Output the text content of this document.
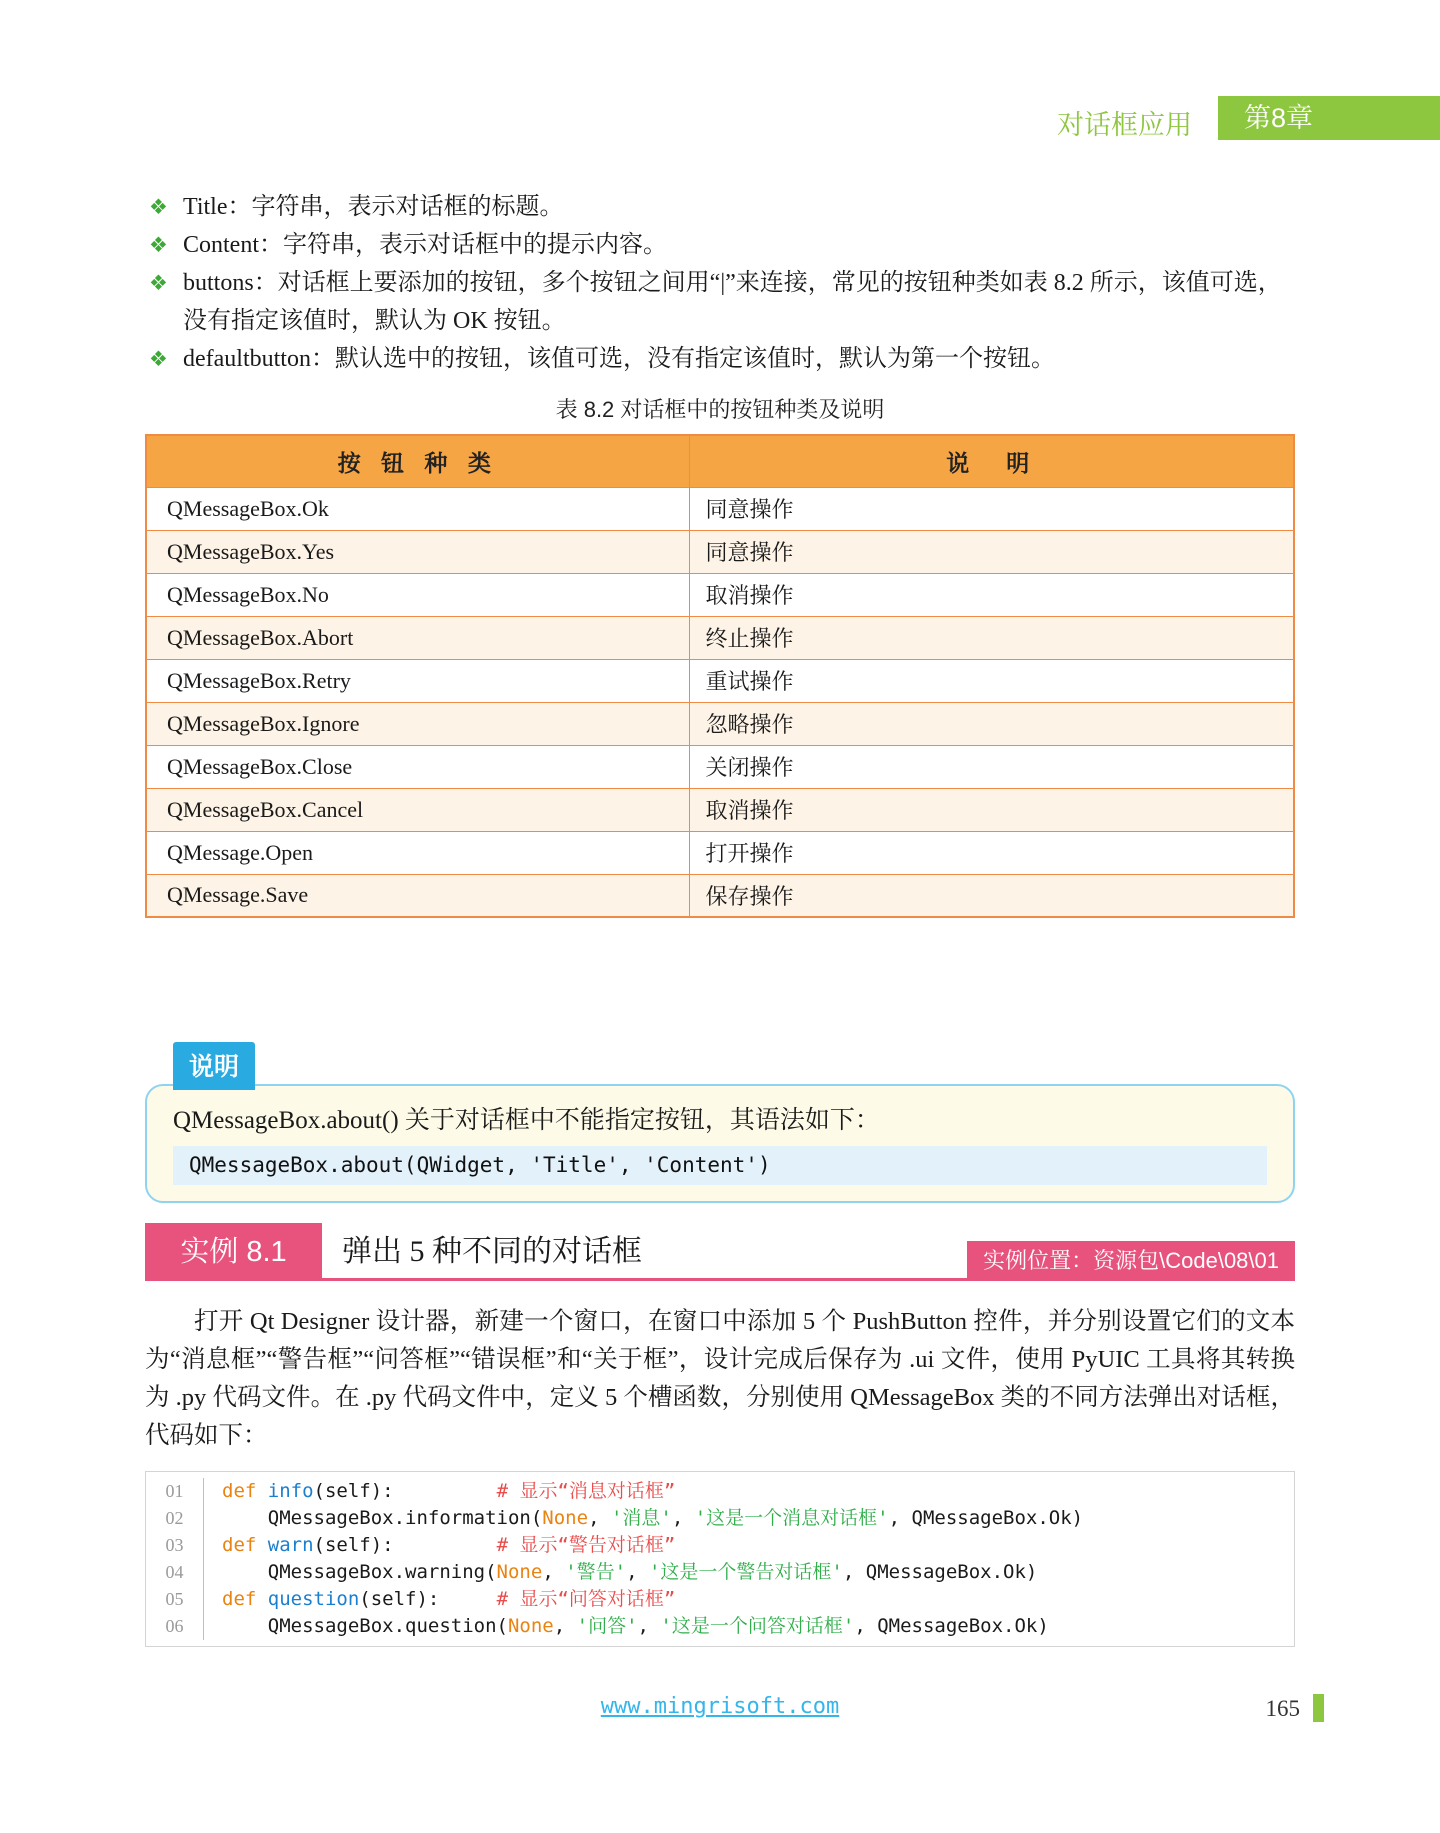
对话框应用	第8章
❖ Title：字符串，表示对话框的标题。
❖ Content：字符串，表示对话框中的提示内容。
❖ buttons：对话框上要添加的按钮，多个按钮之间用“|”来连接，常见的按钮种类如表 8.2 所示，该值可选，没有指定该值时，默认为 OK 按钮。
❖ defaultbutton：默认选中的按钮，该值可选，没有指定该值时，默认为第一个按钮。

表 8.2 对话框中的按钮种类及说明

按 钮 种 类	说　明
QMessageBox.Ok	同意操作
QMessageBox.Yes	同意操作
QMessageBox.No	取消操作
QMessageBox.Abort	终止操作
QMessageBox.Retry	重试操作
QMessageBox.Ignore	忽略操作
QMessageBox.Close	关闭操作
QMessageBox.Cancel	取消操作
QMessage.Open	打开操作
QMessage.Save	保存操作
说明

QMessageBox.about() 关于对话框中不能指定按钮，其语法如下：

QMessageBox.about(QWidget, 'Title', 'Content')
实例 8.1 弹出 5 种不同的对话框	实例位置：资源包\Code\08\01

打开 Qt Designer 设计器，新建一个窗口，在窗口中添加 5 个 PushButton 控件，并分别设置它们的文本为“消息框”“警告框”“问答框”“错误框”和“关于框”，设计完成后保存为 .ui 文件，使用 PyUIC 工具将其转换为 .py 代码文件。在 .py 代码文件中，定义 5 个槽函数，分别使用 QMessageBox 类的不同方法弹出对话框，代码如下：

01	def info(self):	# 显示“消息对话框”
02	QMessageBox.information(None, '消息', '这是一个消息对话框', QMessageBox.Ok)
03	def warn(self):	# 显示“警告对话框”
04	QMessageBox.warning(None, '警告', '这是一个警告对话框', QMessageBox.Ok)
05	def question(self):	# 显示“问答对话框”
06	QMessageBox.question(None, '问答', '这是一个问答对话框', QMessageBox.Ok)
www.mingrisoft.com	165
